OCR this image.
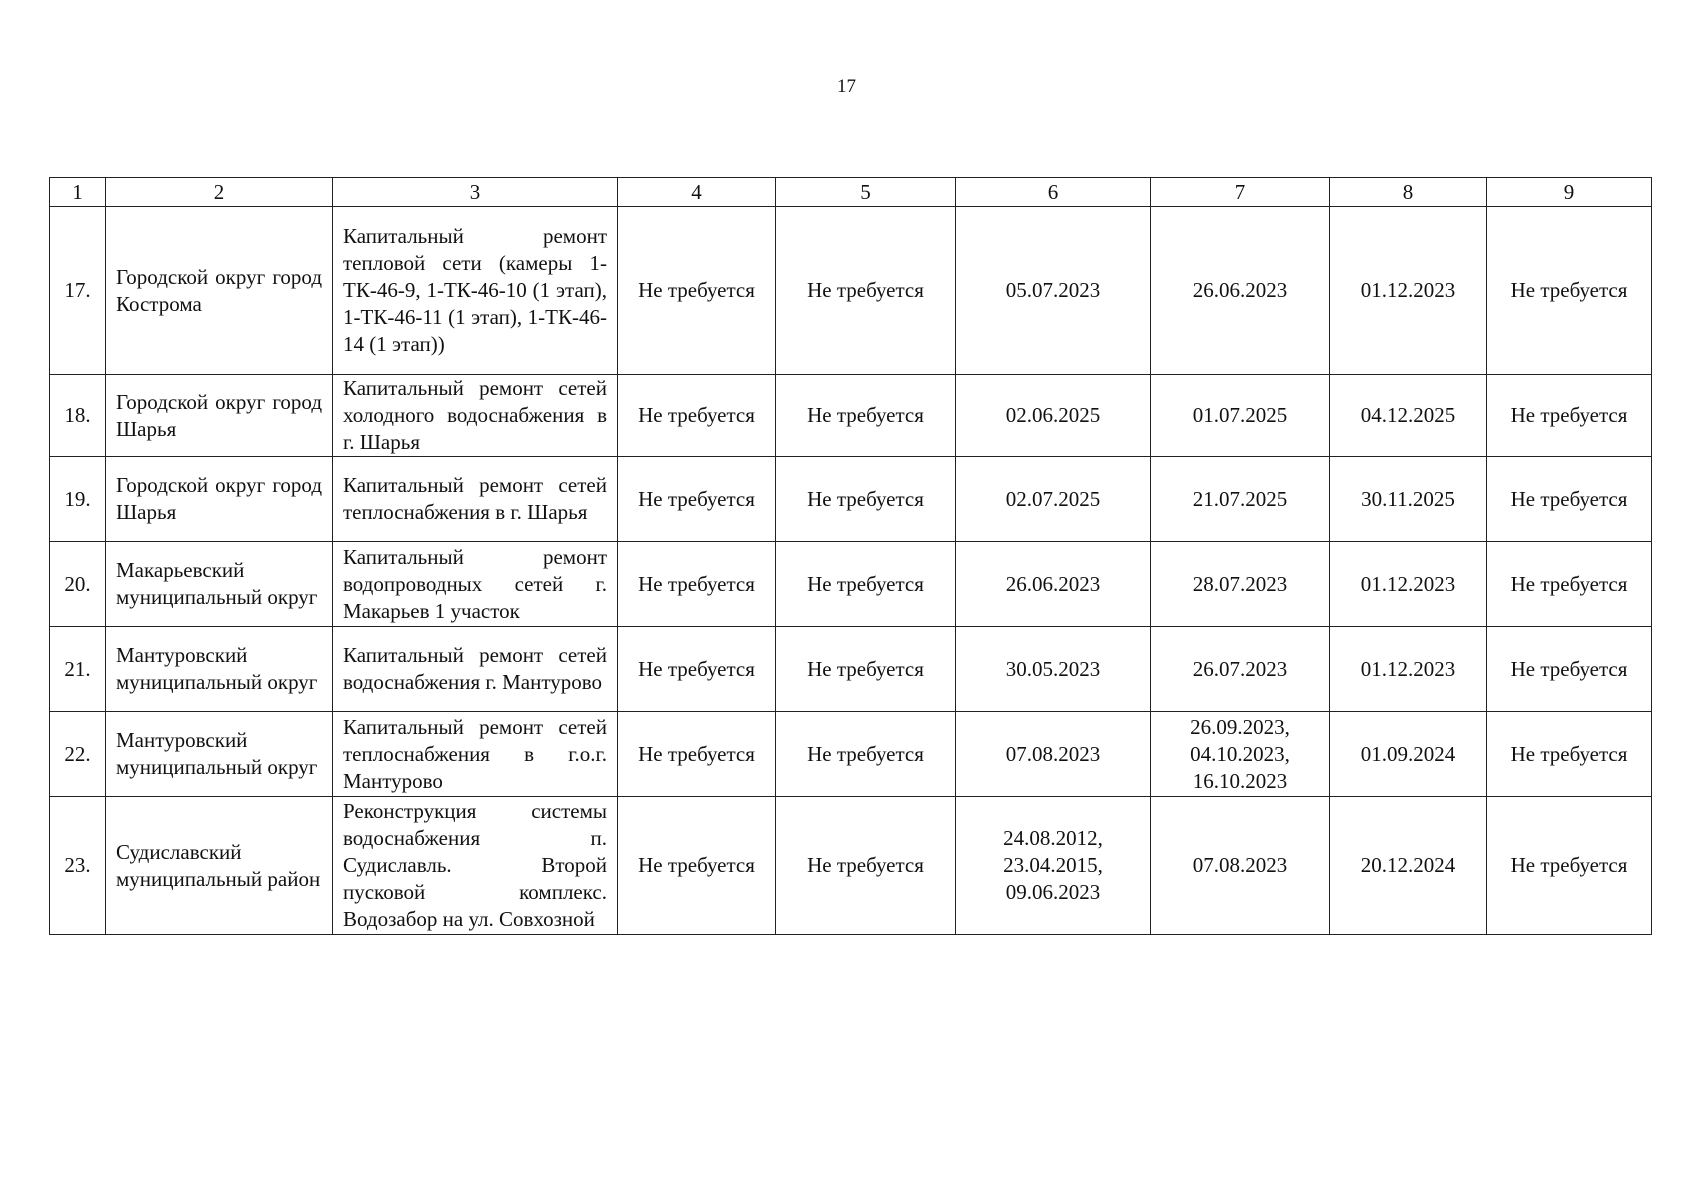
17
1	2	3	4	5	6	7	8	9
17.	Городской округ город Кострома	Капитальный ремонт тепловой сети (камеры 1-ТК-46-9, 1-ТК-46-10 (1 этап), 1-ТК-46-11 (1 этап), 1-ТК-46-14 (1 этап))	Не требуется	Не требуется	05.07.2023	26.06.2023	01.12.2023	Не требуется
18.	Городской округ город Шарья	Капитальный ремонт сетей холодного водоснабжения в г. Шарья	Не требуется	Не требуется	02.06.2025	01.07.2025	04.12.2025	Не требуется
19.	Городской округ город Шарья	Капитальный ремонт сетей теплоснабжения в г. Шарья	Не требуется	Не требуется	02.07.2025	21.07.2025	30.11.2025	Не требуется
20.	Макарьевский муниципальный округ	Капитальный ремонт водопроводных сетей г. Макарьев 1 участок	Не требуется	Не требуется	26.06.2023	28.07.2023	01.12.2023	Не требуется
21.	Мантуровский муниципальный округ	Капитальный ремонт сетей водоснабжения г. Мантурово	Не требуется	Не требуется	30.05.2023	26.07.2023	01.12.2023	Не требуется
22.	Мантуровский муниципальный округ	Капитальный ремонт сетей теплоснабжения в г.о.г. Мантурово	Не требуется	Не требуется	07.08.2023	26.09.2023, 04.10.2023, 16.10.2023	01.09.2024	Не требуется
23.	Судиславский муниципальный район	Реконструкция системы водоснабжения п. Судиславль. Второй пусковой комплекс. Водозабор на ул. Совхозной	Не требуется	Не требуется	24.08.2012, 23.04.2015, 09.06.2023	07.08.2023	20.12.2024	Не требуется
